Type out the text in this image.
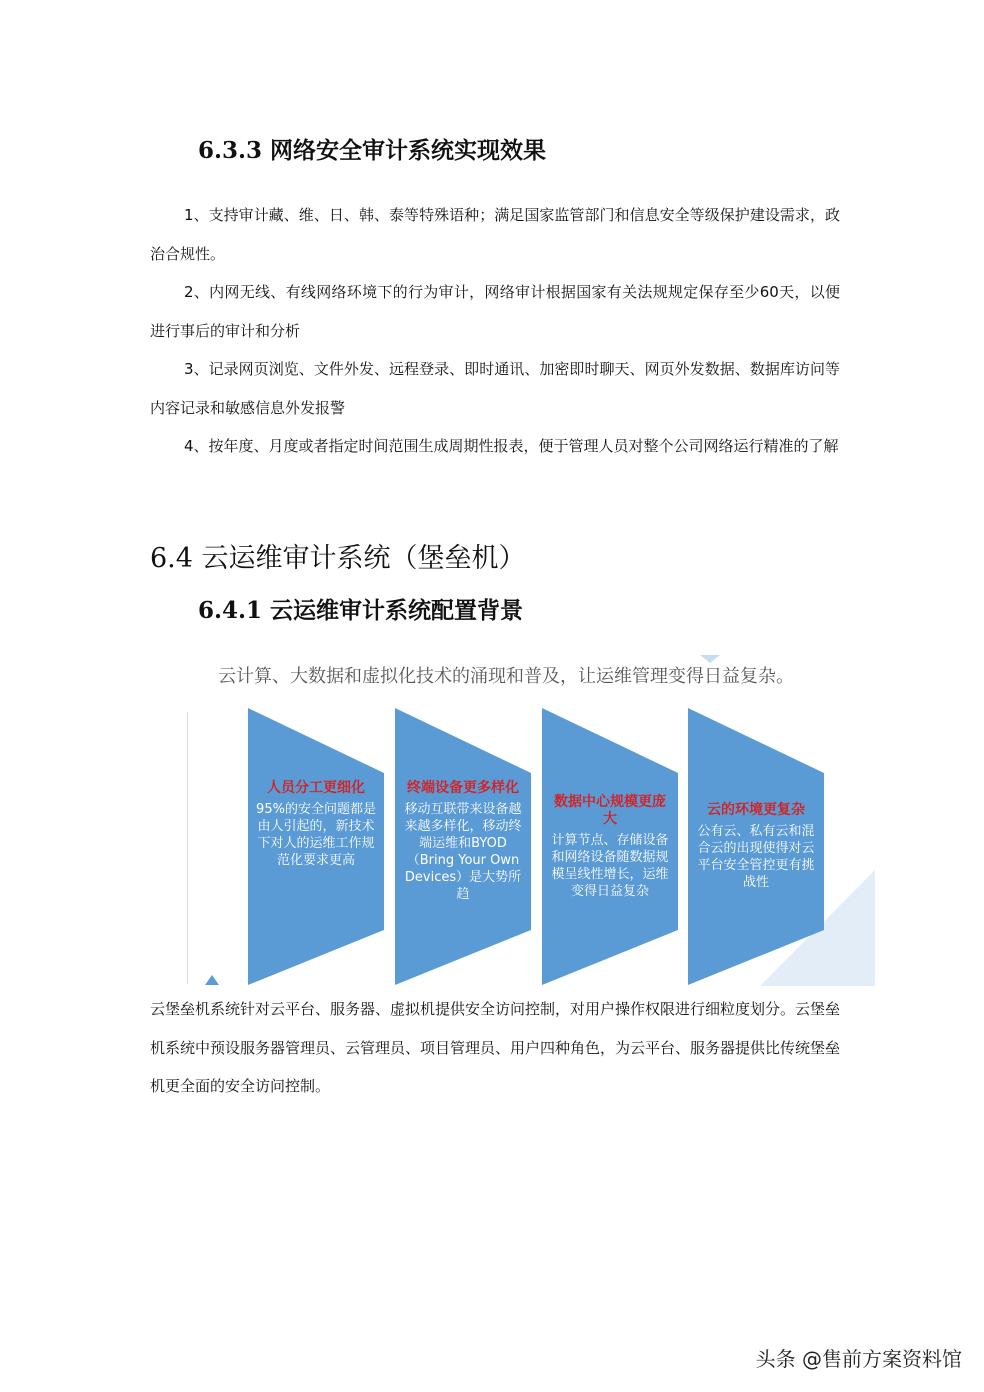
6.3.3 网络安全审计系统实现效果
1、支持审计藏、维、日、韩、泰等特殊语种；满足国家监管部门和信息安全等级保护建设需求，政治合规性。
2、内网无线、有线网络环境下的行为审计，网络审计根据国家有关法规规定保存至少60天，以便进行事后的审计和分析
3、记录网页浏览、文件外发、远程登录、即时通讯、加密即时聊天、网页外发数据、数据库访问等内容记录和敏感信息外发报警
4、按年度、月度或者指定时间范围生成周期性报表，便于管理人员对整个公司网络运行精准的了解
6.4 云运维审计系统（堡垒机）
6.4.1 云运维审计系统配置背景
云计算、大数据和虚拟化技术的涌现和普及，让运维管理变得日益复杂。
人员分工更细化
95%的安全问题都是由人引起的，新技术下对人的运维工作规范化要求更高
终端设备更多样化
移动互联带来设备越来越多样化，移动终端运维和BYOD（Bring Your Own Devices）是大势所趋
数据中心规模更庞大
计算节点、存储设备和网络设备随数据规模呈线性增长，运维变得日益复杂
云的环境更复杂
公有云、私有云和混合云的出现使得对云平台安全管控更有挑战性
云堡垒机系统针对云平台、服务器、虚拟机提供安全访问控制，对用户操作权限进行细粒度划分。云堡垒机系统中预设服务器管理员、云管理员、项目管理员、用户四种角色，为云平台、服务器提供比传统堡垒机更全面的安全访问控制。
头条 @售前方案资料馆
